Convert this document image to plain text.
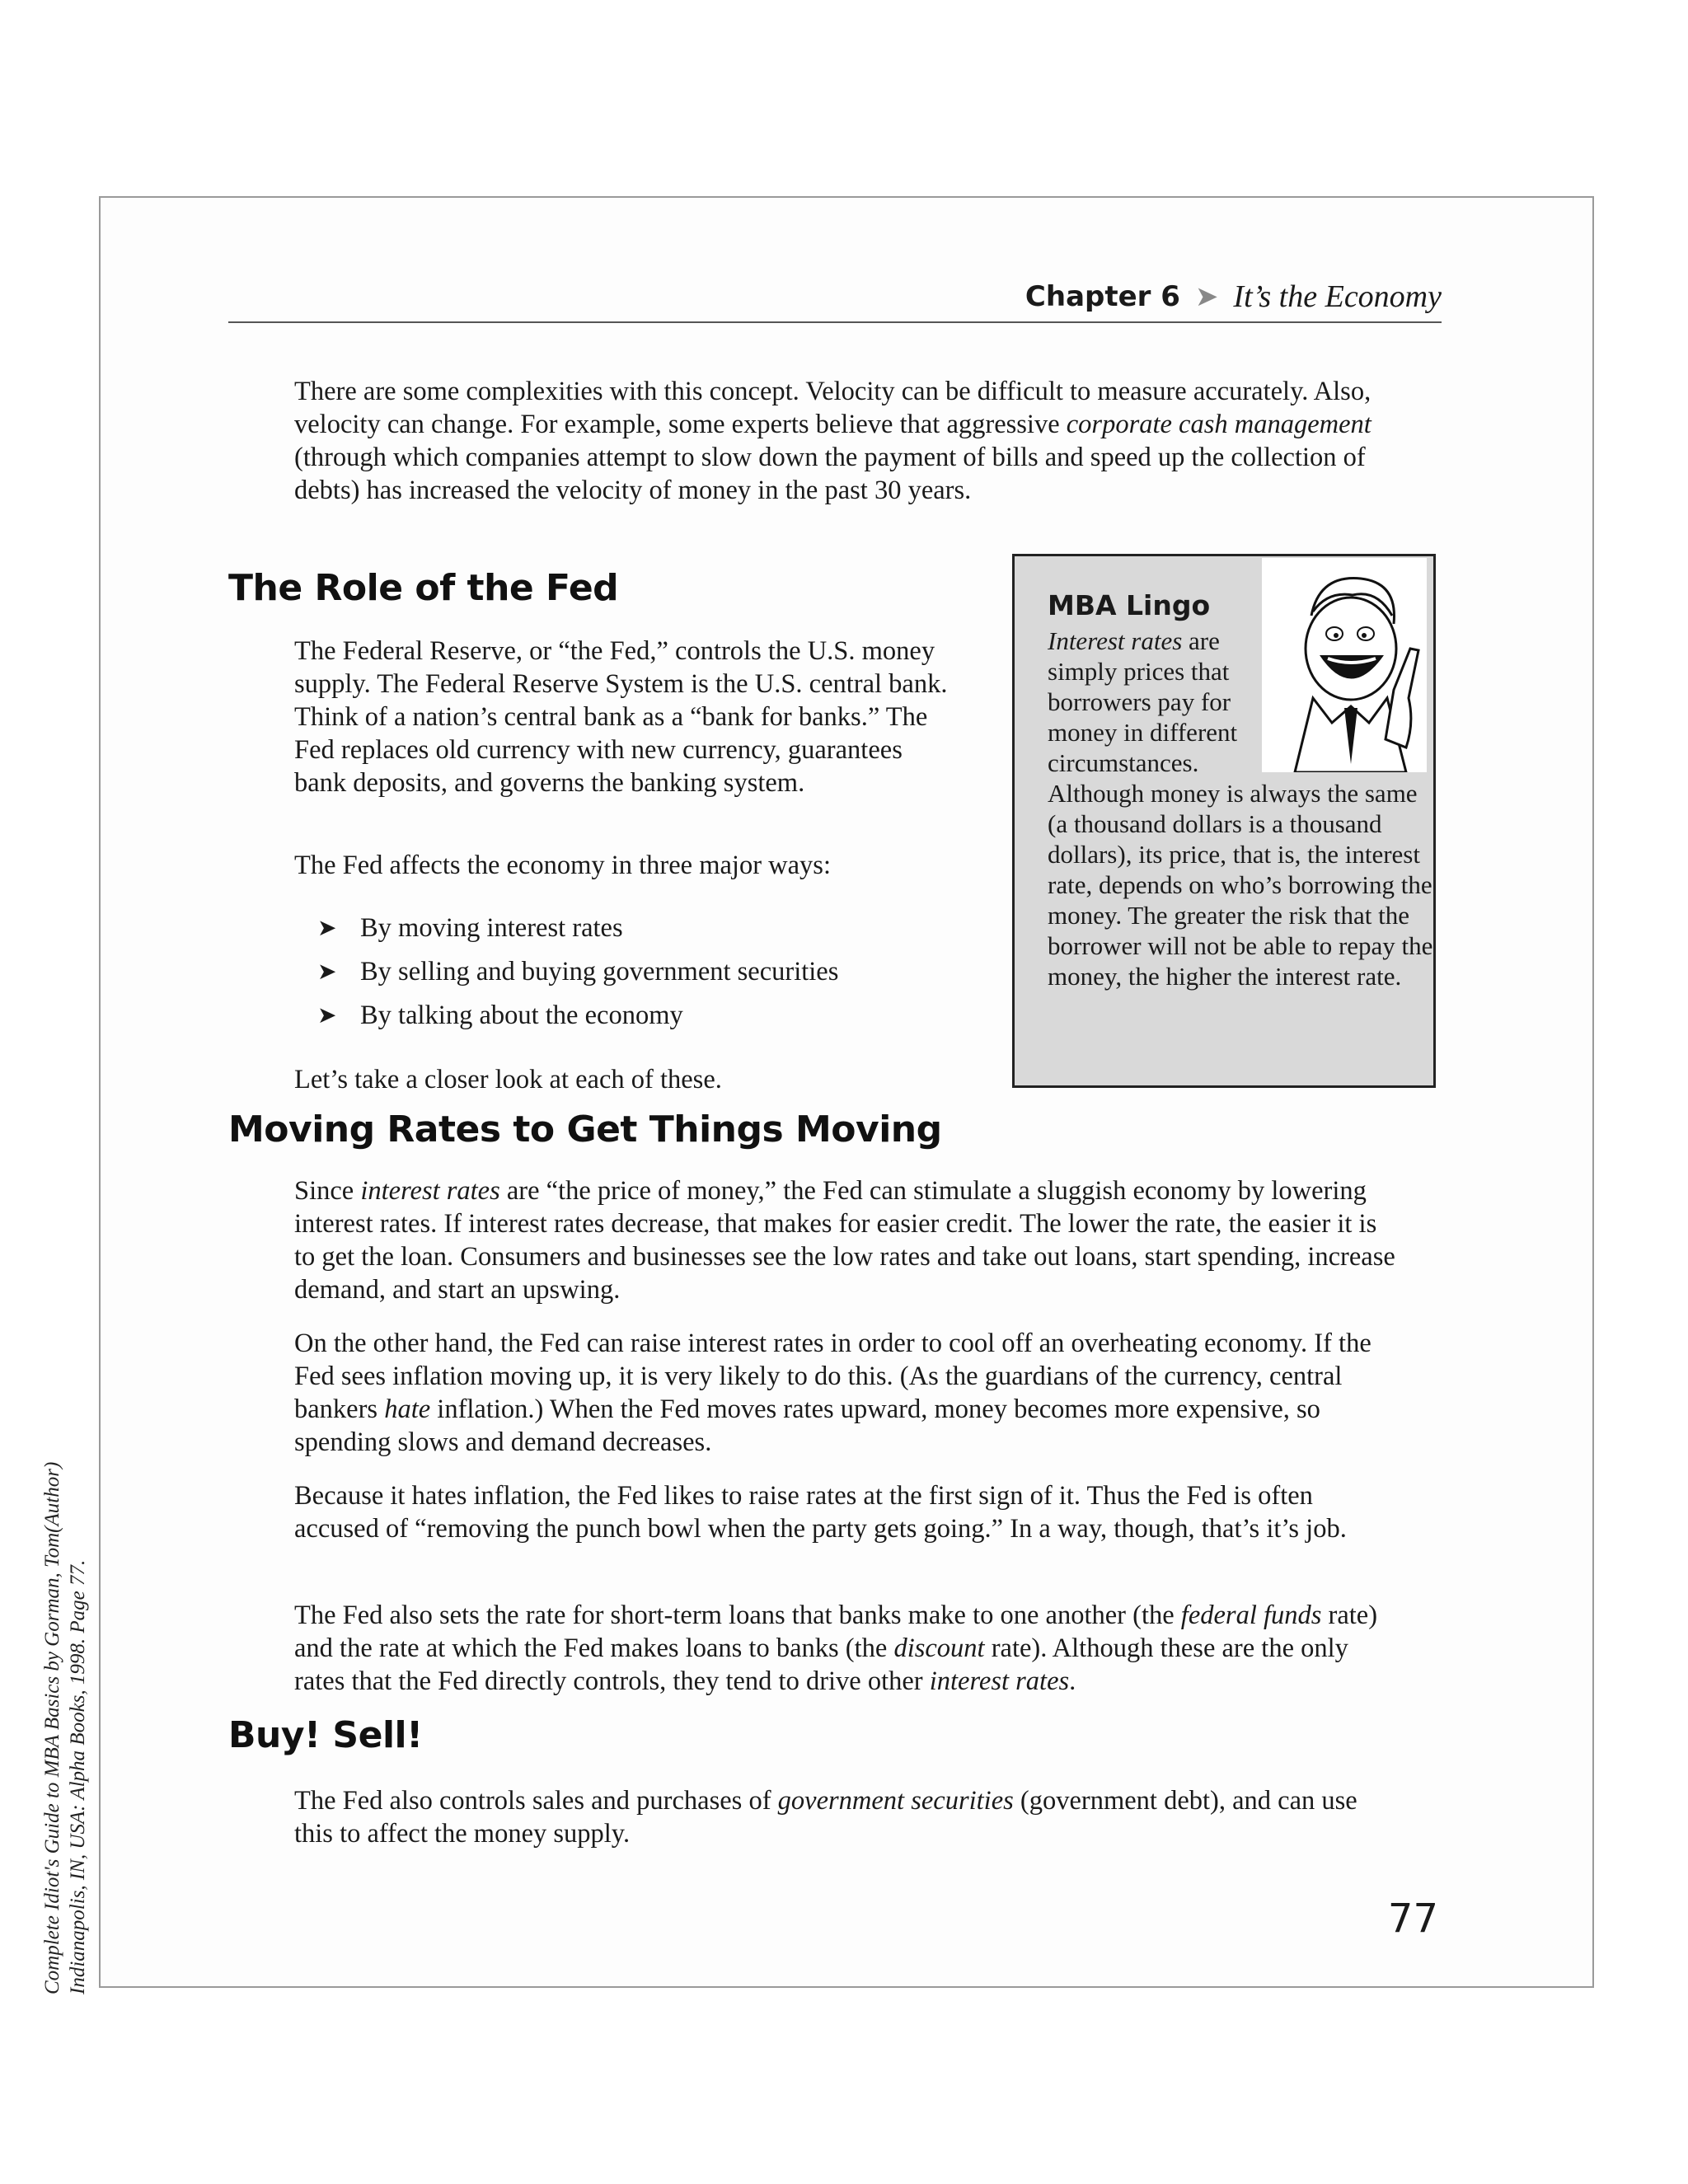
Complete Idiot's Guide to MBA Basics by Gorman, Tom(Author) Indianapolis, IN, USA: Alpha Books, 1998. Page 77.
Chapter 6 ➤ It’s the Economy

There are some complexities with this concept. Velocity can be difficult to measure accurately. Also, velocity can change. For example, some experts believe that aggressive corporate cash management (through which companies attempt to slow down the payment of bills and speed up the collection of debts) has increased the velocity of money in the past 30 years.

The Role of the Fed

The Federal Reserve, or “the Fed,” controls the U.S. money supply. The Federal Reserve System is the U.S. central bank. Think of a nation’s central bank as a “bank for banks.” The Fed replaces old currency with new currency, guarantees bank deposits, and governs the banking system.

The Fed affects the economy in three major ways:

➤ By moving interest rates
➤ By selling and buying government securities
➤ By talking about the economy

Let’s take a closer look at each of these.

MBA Lingo

Interest rates are simply prices that borrowers pay for money in different circumstances.
Although money is always the same (a thousand dollars is a thousand dollars), its price, that is, the interest rate, depends on who’s borrowing the money. The greater the risk that the borrower will not be able to repay the money, the higher the interest rate.

Moving Rates to Get Things Moving

Since interest rates are “the price of money,” the Fed can stimulate a sluggish economy by lowering interest rates. If interest rates decrease, that makes for easier credit. The lower the rate, the easier it is to get the loan. Consumers and businesses see the low rates and take out loans, start spending, increase demand, and start an upswing.

On the other hand, the Fed can raise interest rates in order to cool off an overheating economy. If the Fed sees inflation moving up, it is very likely to do this. (As the guardians of the currency, central bankers hate inflation.) When the Fed moves rates upward, money becomes more expensive, so spending slows and demand decreases.

Because it hates inflation, the Fed likes to raise rates at the first sign of it. Thus the Fed is often accused of “removing the punch bowl when the party gets going.” In a way, though, that’s it’s job.

The Fed also sets the rate for short-term loans that banks make to one another (the federal funds rate) and the rate at which the Fed makes loans to banks (the discount rate). Although these are the only rates that the Fed directly controls, they tend to drive other interest rates.

Buy! Sell!

The Fed also controls sales and purchases of government securities (government debt), and can use this to affect the money supply.

77
